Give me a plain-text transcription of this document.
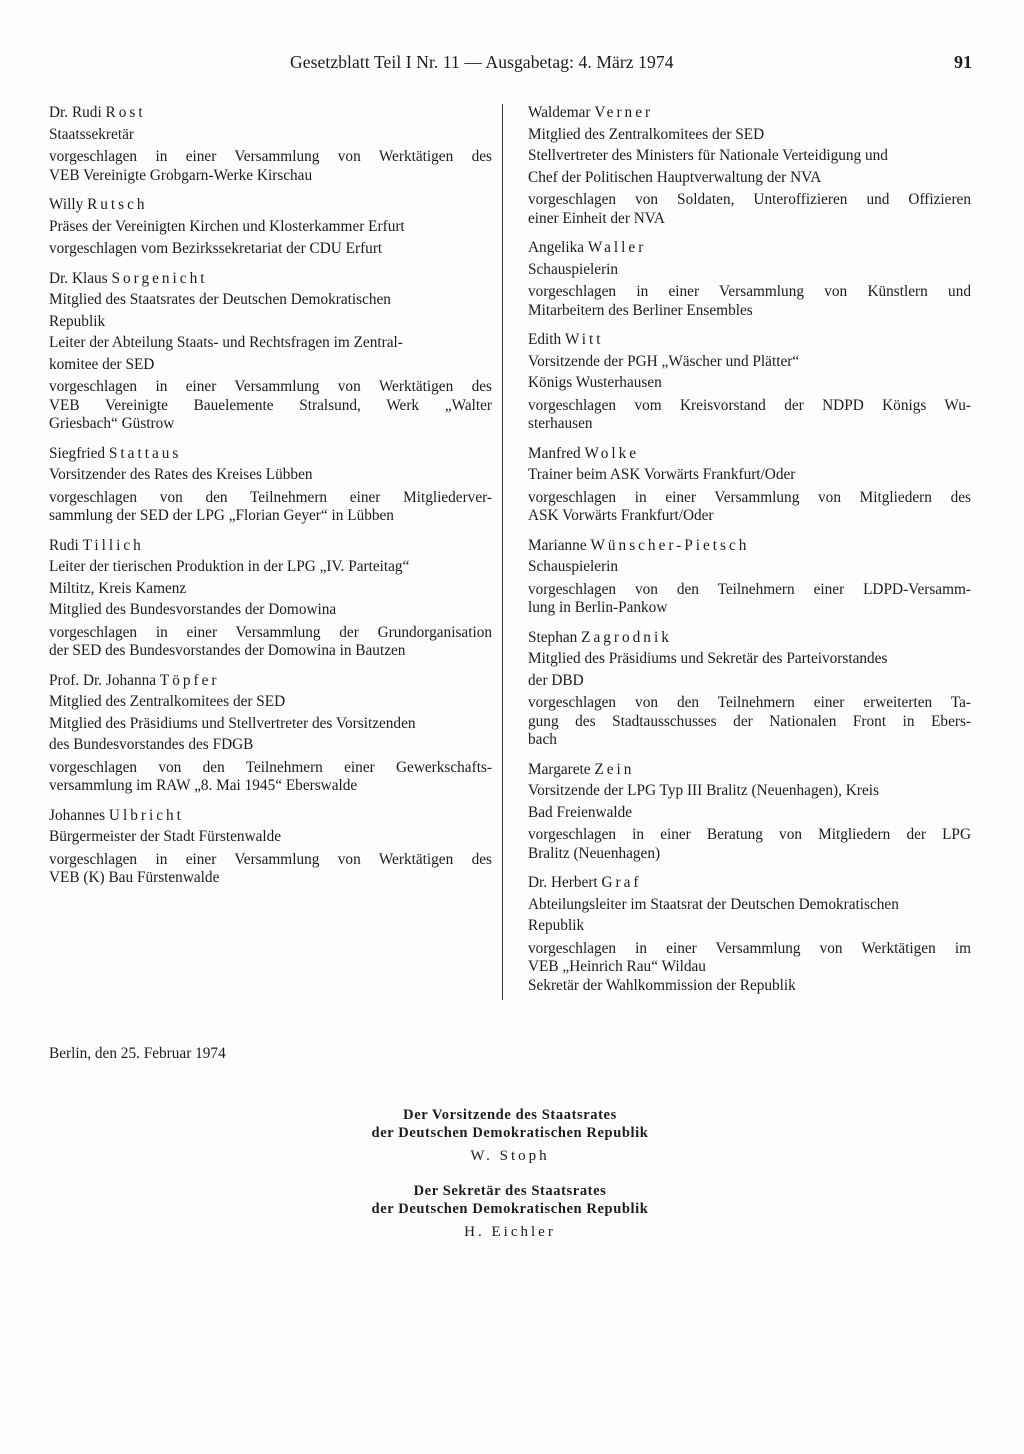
Gesetzblatt Teil I Nr. 11 — Ausgabetag: 4. März 1974	91
Dr. Rudi Rost
Staatssekretär
vorgeschlagen in einer Versammlung von Werktätigen des
VEB Vereinigte Grobgarn-Werke Kirschau
Willy Rutsch
Präses der Vereinigten Kirchen und Klosterkammer Erfurt
vorgeschlagen vom Bezirkssekretariat der CDU Erfurt
Dr. Klaus Sorgenicht
Mitglied des Staatsrates der Deutschen Demokratischen
Republik
Leiter der Abteilung Staats- und Rechtsfragen im Zentral-
komitee der SED
vorgeschlagen in einer Versammlung von Werktätigen des
VEB Vereinigte Bauelemente Stralsund, Werk „Walter
Griesbach“ Güstrow
Siegfried Stattaus
Vorsitzender des Rates des Kreises Lübben
vorgeschlagen von den Teilnehmern einer Mitgliederver-
sammlung der SED der LPG „Florian Geyer“ in Lübben
Rudi Tillich
Leiter der tierischen Produktion in der LPG „IV. Parteitag“
Miltitz, Kreis Kamenz
Mitglied des Bundesvorstandes der Domowina
vorgeschlagen in einer Versammlung der Grundorganisation
der SED des Bundesvorstandes der Domowina in Bautzen
Prof. Dr. Johanna Töpfer
Mitglied des Zentralkomitees der SED
Mitglied des Präsidiums und Stellvertreter des Vorsitzenden
des Bundesvorstandes des FDGB
vorgeschlagen von den Teilnehmern einer Gewerkschafts-
versammlung im RAW „8. Mai 1945“ Eberswalde
Johannes Ulbricht
Bürgermeister der Stadt Fürstenwalde
vorgeschlagen in einer Versammlung von Werktätigen des
VEB (K) Bau Fürstenwalde
Waldemar Verner
Mitglied des Zentralkomitees der SED
Stellvertreter des Ministers für Nationale Verteidigung und
Chef der Politischen Hauptverwaltung der NVA
vorgeschlagen von Soldaten, Unteroffizieren und Offizieren
einer Einheit der NVA
Angelika Waller
Schauspielerin
vorgeschlagen in einer Versammlung von Künstlern und
Mitarbeitern des Berliner Ensembles
Edith Witt
Vorsitzende der PGH „Wäscher und Plätter“
Königs Wusterhausen
vorgeschlagen vom Kreisvorstand der NDPD Königs Wu-
sterhausen
Manfred Wolke
Trainer beim ASK Vorwärts Frankfurt/Oder
vorgeschlagen in einer Versammlung von Mitgliedern des
ASK Vorwärts Frankfurt/Oder
Marianne Wünscher-Pietsch
Schauspielerin
vorgeschlagen von den Teilnehmern einer LDPD-Versamm-
lung in Berlin-Pankow
Stephan Zagrodnik
Mitglied des Präsidiums und Sekretär des Parteivorstandes
der DBD
vorgeschlagen von den Teilnehmern einer erweiterten Ta-
gung des Stadtausschusses der Nationalen Front in Ebers-
bach
Margarete Zein
Vorsitzende der LPG Typ III Bralitz (Neuenhagen), Kreis
Bad Freienwalde
vorgeschlagen in einer Beratung von Mitgliedern der LPG
Bralitz (Neuenhagen)
Dr. Herbert Graf
Abteilungsleiter im Staatsrat der Deutschen Demokratischen
Republik
vorgeschlagen in einer Versammlung von Werktätigen im
VEB „Heinrich Rau“ Wildau
Sekretär der Wahlkommission der Republik
Berlin, den 25. Februar 1974
Der Vorsitzende des Staatsrates
der Deutschen Demokratischen Republik
W. Stoph
Der Sekretär des Staatsrates
der Deutschen Demokratischen Republik
H. Eichler
